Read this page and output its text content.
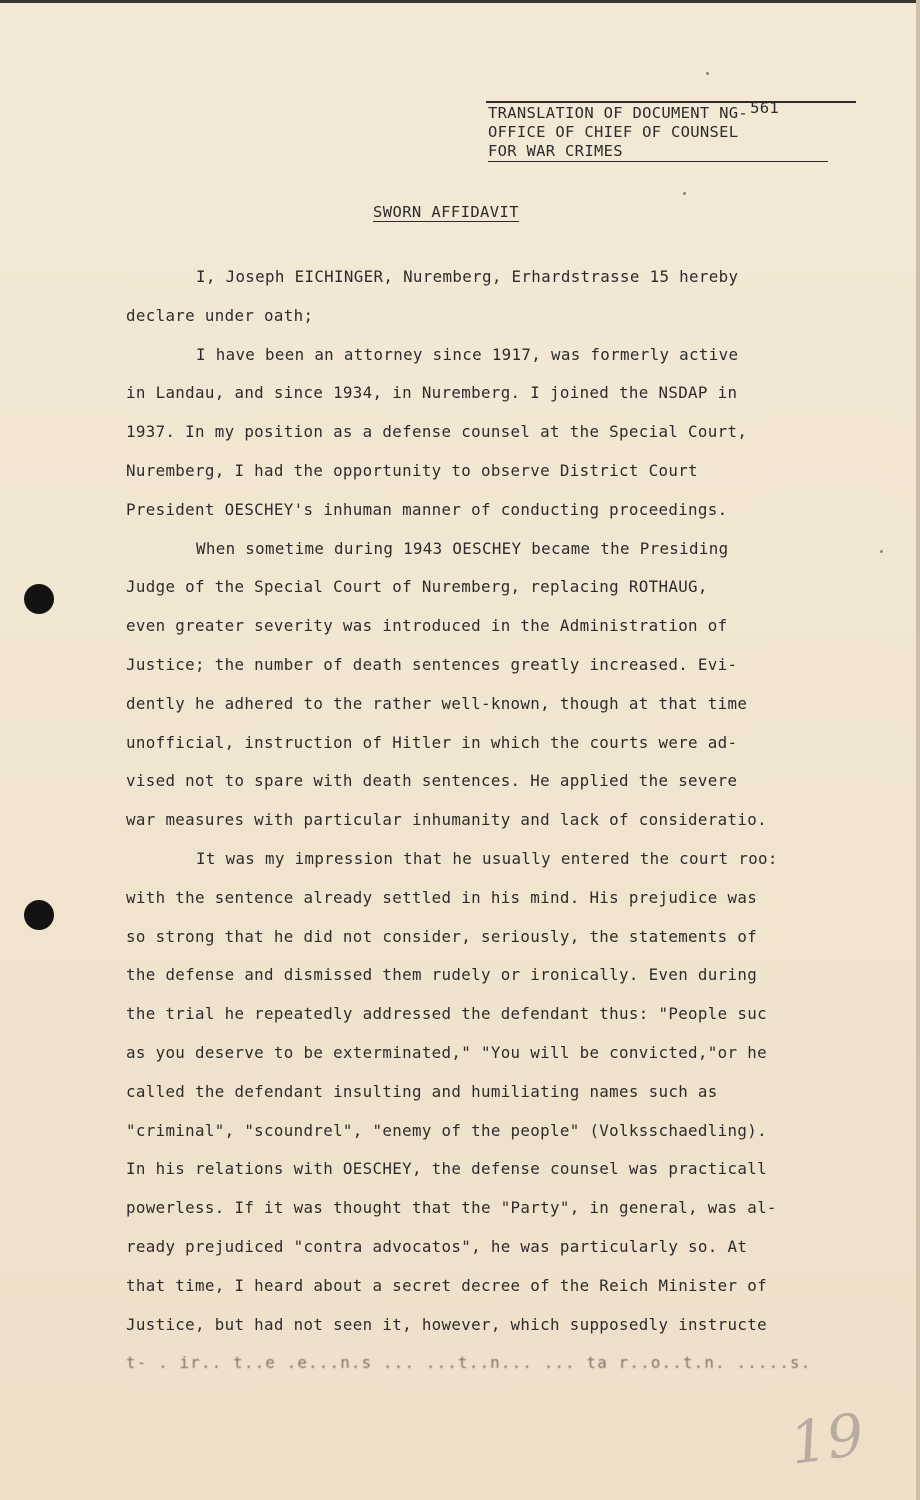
TRANSLATION OF DOCUMENT NG- 561
OFFICE OF CHIEF OF COUNSEL
FOR WAR CRIMES
SWORN AFFIDAVIT
I, Joseph EICHINGER, Nuremberg, Erhardstrasse 15 hereby
declare under oath;
I have been an attorney since 1917, was formerly active
in Landau, and since 1934, in Nuremberg. I joined the NSDAP in
1937. In my position as a defense counsel at the Special Court,
Nuremberg, I had the opportunity to observe District Court
President OESCHEY's inhuman manner of conducting proceedings.
When sometime during 1943 OESCHEY became the Presiding
Judge of the Special Court of Nuremberg, replacing ROTHAUG,
even greater severity was introduced in the Administration of
Justice; the number of death sentences greatly increased. Evi-
dently he adhered to the rather well-known, though at that time
unofficial, instruction of Hitler in which the courts were ad-
vised not to spare with death sentences. He applied the severe
war measures with particular inhumanity and lack of consideratio.
It was my impression that he usually entered the court roo:
with the sentence already settled in his mind. His prejudice was
so strong that he did not consider, seriously, the statements of
the defense and dismissed them rudely or ironically. Even during
the trial he repeatedly addressed the defendant thus: "People suc
as you deserve to be exterminated," "You will be convicted,"or he
called the defendant insulting and humiliating names such as
"criminal", "scoundrel", "enemy of the people" (Volksschaedling).
In his relations with OESCHEY, the defense counsel was practicall
powerless. If it was thought that the "Party", in general, was al-
ready prejudiced "contra advocatos", he was particularly so. At
that time, I heard about a secret decree of the Reich Minister of
Justice, but had not seen it, however, which supposedly instructe
t- . ir.. t..e .e...n.s ... ...t..n... ... ta r..o..t.n. .....s.
19
